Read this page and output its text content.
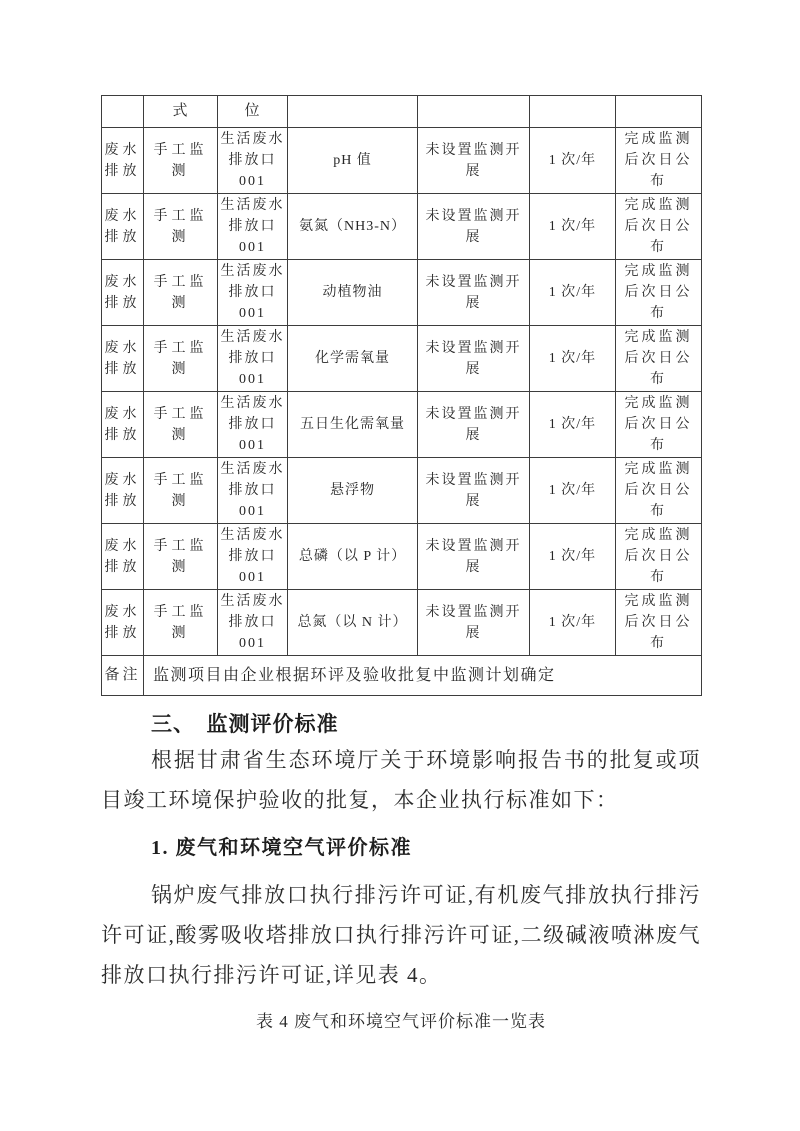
	式	位				
废水排放	手工监测	生活废水排放口001	pH 值	未设置监测开展	1 次/年	完成监测后次日公布
废水排放	手工监测	生活废水排放口001	氨氮（NH3-N）	未设置监测开展	1 次/年	完成监测后次日公布
废水排放	手工监测	生活废水排放口001	动植物油	未设置监测开展	1 次/年	完成监测后次日公布
废水排放	手工监测	生活废水排放口001	化学需氧量	未设置监测开展	1 次/年	完成监测后次日公布
废水排放	手工监测	生活废水排放口001	五日生化需氧量	未设置监测开展	1 次/年	完成监测后次日公布
废水排放	手工监测	生活废水排放口001	悬浮物	未设置监测开展	1 次/年	完成监测后次日公布
废水排放	手工监测	生活废水排放口001	总磷（以 P 计）	未设置监测开展	1 次/年	完成监测后次日公布
废水排放	手工监测	生活废水排放口001	总氮（以 N 计）	未设置监测开展	1 次/年	完成监测后次日公布
备注	监测项目由企业根据环评及验收批复中监测计划确定					
三、　监测评价标准

根据甘肃省生态环境厅关于环境影响报告书的批复或项目竣工环境保护验收的批复，本企业执行标准如下：

1. 废气和环境空气评价标准

锅炉废气排放口执行排污许可证,有机废气排放执行排污许可证,酸雾吸收塔排放口执行排污许可证,二级碱液喷淋废气排放口执行排污许可证,详见表 4。

表 4 废气和环境空气评价标准一览表
